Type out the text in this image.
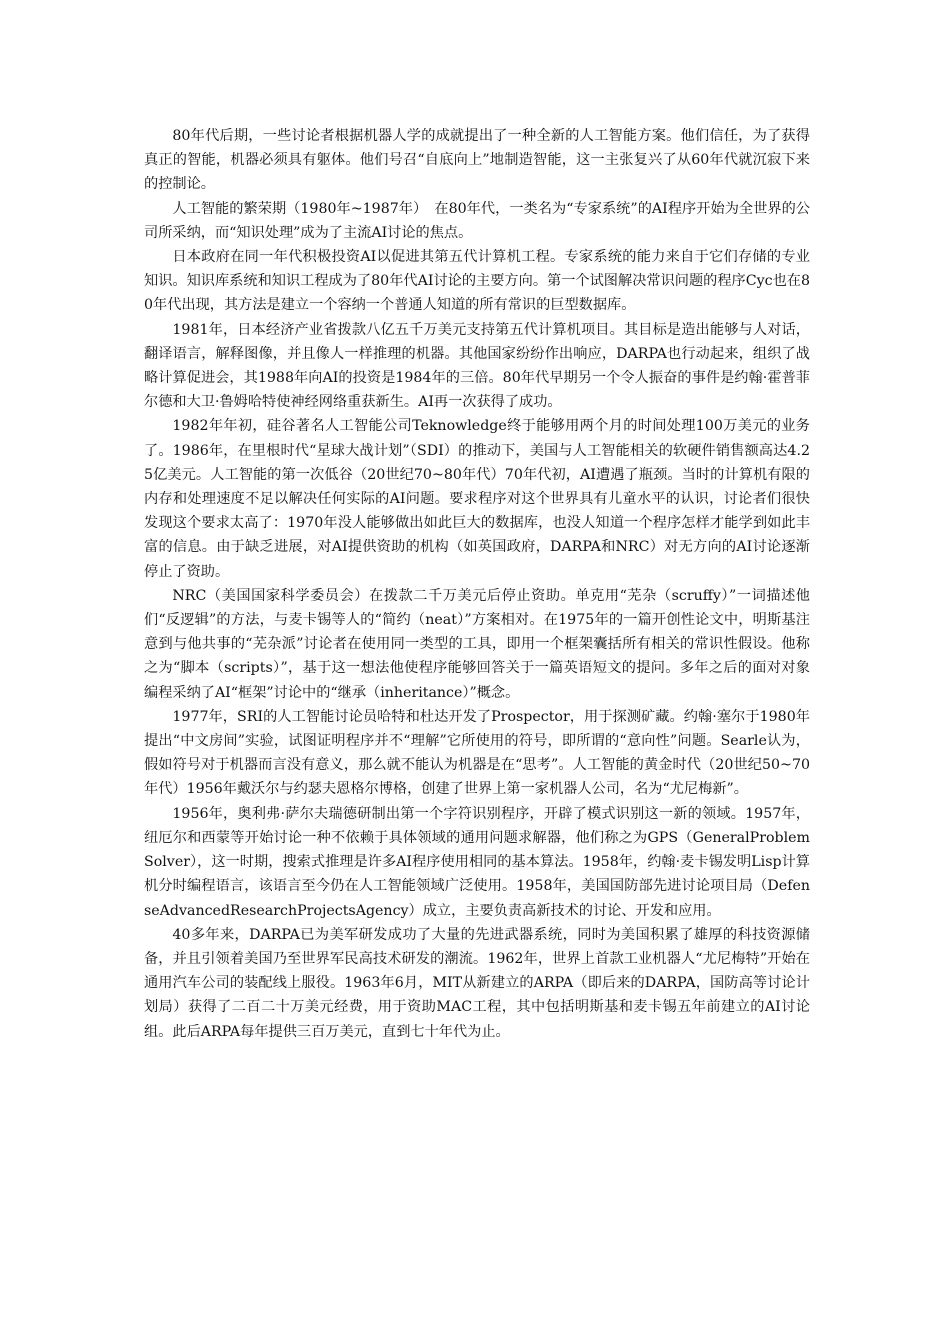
80年代后期，一些讨论者根据机器人学的成就提出了一种全新的人工智能方案。他们信任，为了获得真正的智能，机器必须具有躯体。他们号召“自底向上”地制造智能，这一主张复兴了从60年代就沉寂下来的控制论。

人工智能的繁荣期（1980年~1987年）　在80年代，一类名为“专家系统”的AI程序开始为全世界的公司所采纳，而“知识处理”成为了主流AI讨论的焦点。

日本政府在同一年代积极投资AI以促进其第五代计算机工程。专家系统的能力来自于它们存储的专业知识。知识库系统和知识工程成为了80年代AI讨论的主要方向。第一个试图解决常识问题的程序Cyc也在80年代出现，其方法是建立一个容纳一个普通人知道的所有常识的巨型数据库。

1981年，日本经济产业省拨款八亿五千万美元支持第五代计算机项目。其目标是造出能够与人对话，翻译语言，解释图像，并且像人一样推理的机器。其他国家纷纷作出响应，DARPA也行动起来，组织了战略计算促进会，其1988年向AI的投资是1984年的三倍。80年代早期另一个令人振奋的事件是约翰·霍普菲尔德和大卫·鲁姆哈特使神经网络重获新生。AI再一次获得了成功。

1982年年初，硅谷著名人工智能公司Teknowledge终于能够用两个月的时间处理100万美元的业务了。1986年，在里根时代“星球大战计划”（SDI）的推动下，美国与人工智能相关的软硬件销售额高达4.25亿美元。人工智能的第一次低谷（20世纪70~80年代）70年代初，AI遭遇了瓶颈。当时的计算机有限的内存和处理速度不足以解决任何实际的AI问题。要求程序对这个世界具有儿童水平的认识，讨论者们很快发现这个要求太高了：1970年没人能够做出如此巨大的数据库，也没人知道一个程序怎样才能学到如此丰富的信息。由于缺乏进展，对AI提供资助的机构（如英国政府，DARPA和NRC）对无方向的AI讨论逐渐停止了资助。

NRC（美国国家科学委员会）在拨款二千万美元后停止资助。单克用“芜杂（scruffy）”一词描述他们“反逻辑”的方法，与麦卡锡等人的“简约（neat）”方案相对。在1975年的一篇开创性论文中，明斯基注意到与他共事的“芜杂派”讨论者在使用同一类型的工具，即用一个框架囊括所有相关的常识性假设。他称之为“脚本（scripts）”，基于这一想法他使程序能够回答关于一篇英语短文的提问。多年之后的面对对象编程采纳了AI“框架”讨论中的“继承（inheritance）”概念。

1977年，SRI的人工智能讨论员哈特和杜达开发了Prospector，用于探测矿藏。约翰·塞尔于1980年提出“中文房间”实验，试图证明程序并不“理解”它所使用的符号，即所谓的“意向性”问题。Searle认为，假如符号对于机器而言没有意义，那么就不能认为机器是在“思考”。人工智能的黄金时代（20世纪50~70年代）1956年戴沃尔与约瑟夫恩格尔博格，创建了世界上第一家机器人公司，名为“尤尼梅新”。

1956年，奥利弗·萨尔夫瑞德研制出第一个字符识别程序，开辟了模式识别这一新的领域。1957年，纽厄尔和西蒙等开始讨论一种不依赖于具体领域的通用问题求解器，他们称之为GPS（GeneralProblemSolver），这一时期，搜索式推理是许多AI程序使用相同的基本算法。1958年，约翰·麦卡锡发明Lisp计算机分时编程语言，该语言至今仍在人工智能领域广泛使用。1958年，美国国防部先进讨论项目局（DefenseAdvancedResearchProjectsAgency）成立，主要负责高新技术的讨论、开发和应用。

40多年来，DARPA已为美军研发成功了大量的先进武器系统，同时为美国积累了雄厚的科技资源储备，并且引领着美国乃至世界军民高技术研发的潮流。1962年，世界上首款工业机器人“尤尼梅特”开始在通用汽车公司的装配线上服役。1963年6月，MIT从新建立的ARPA（即后来的DARPA，国防高等讨论计划局）获得了二百二十万美元经费，用于资助MAC工程，其中包括明斯基和麦卡锡五年前建立的AI讨论组。此后ARPA每年提供三百万美元，直到七十年代为止。
